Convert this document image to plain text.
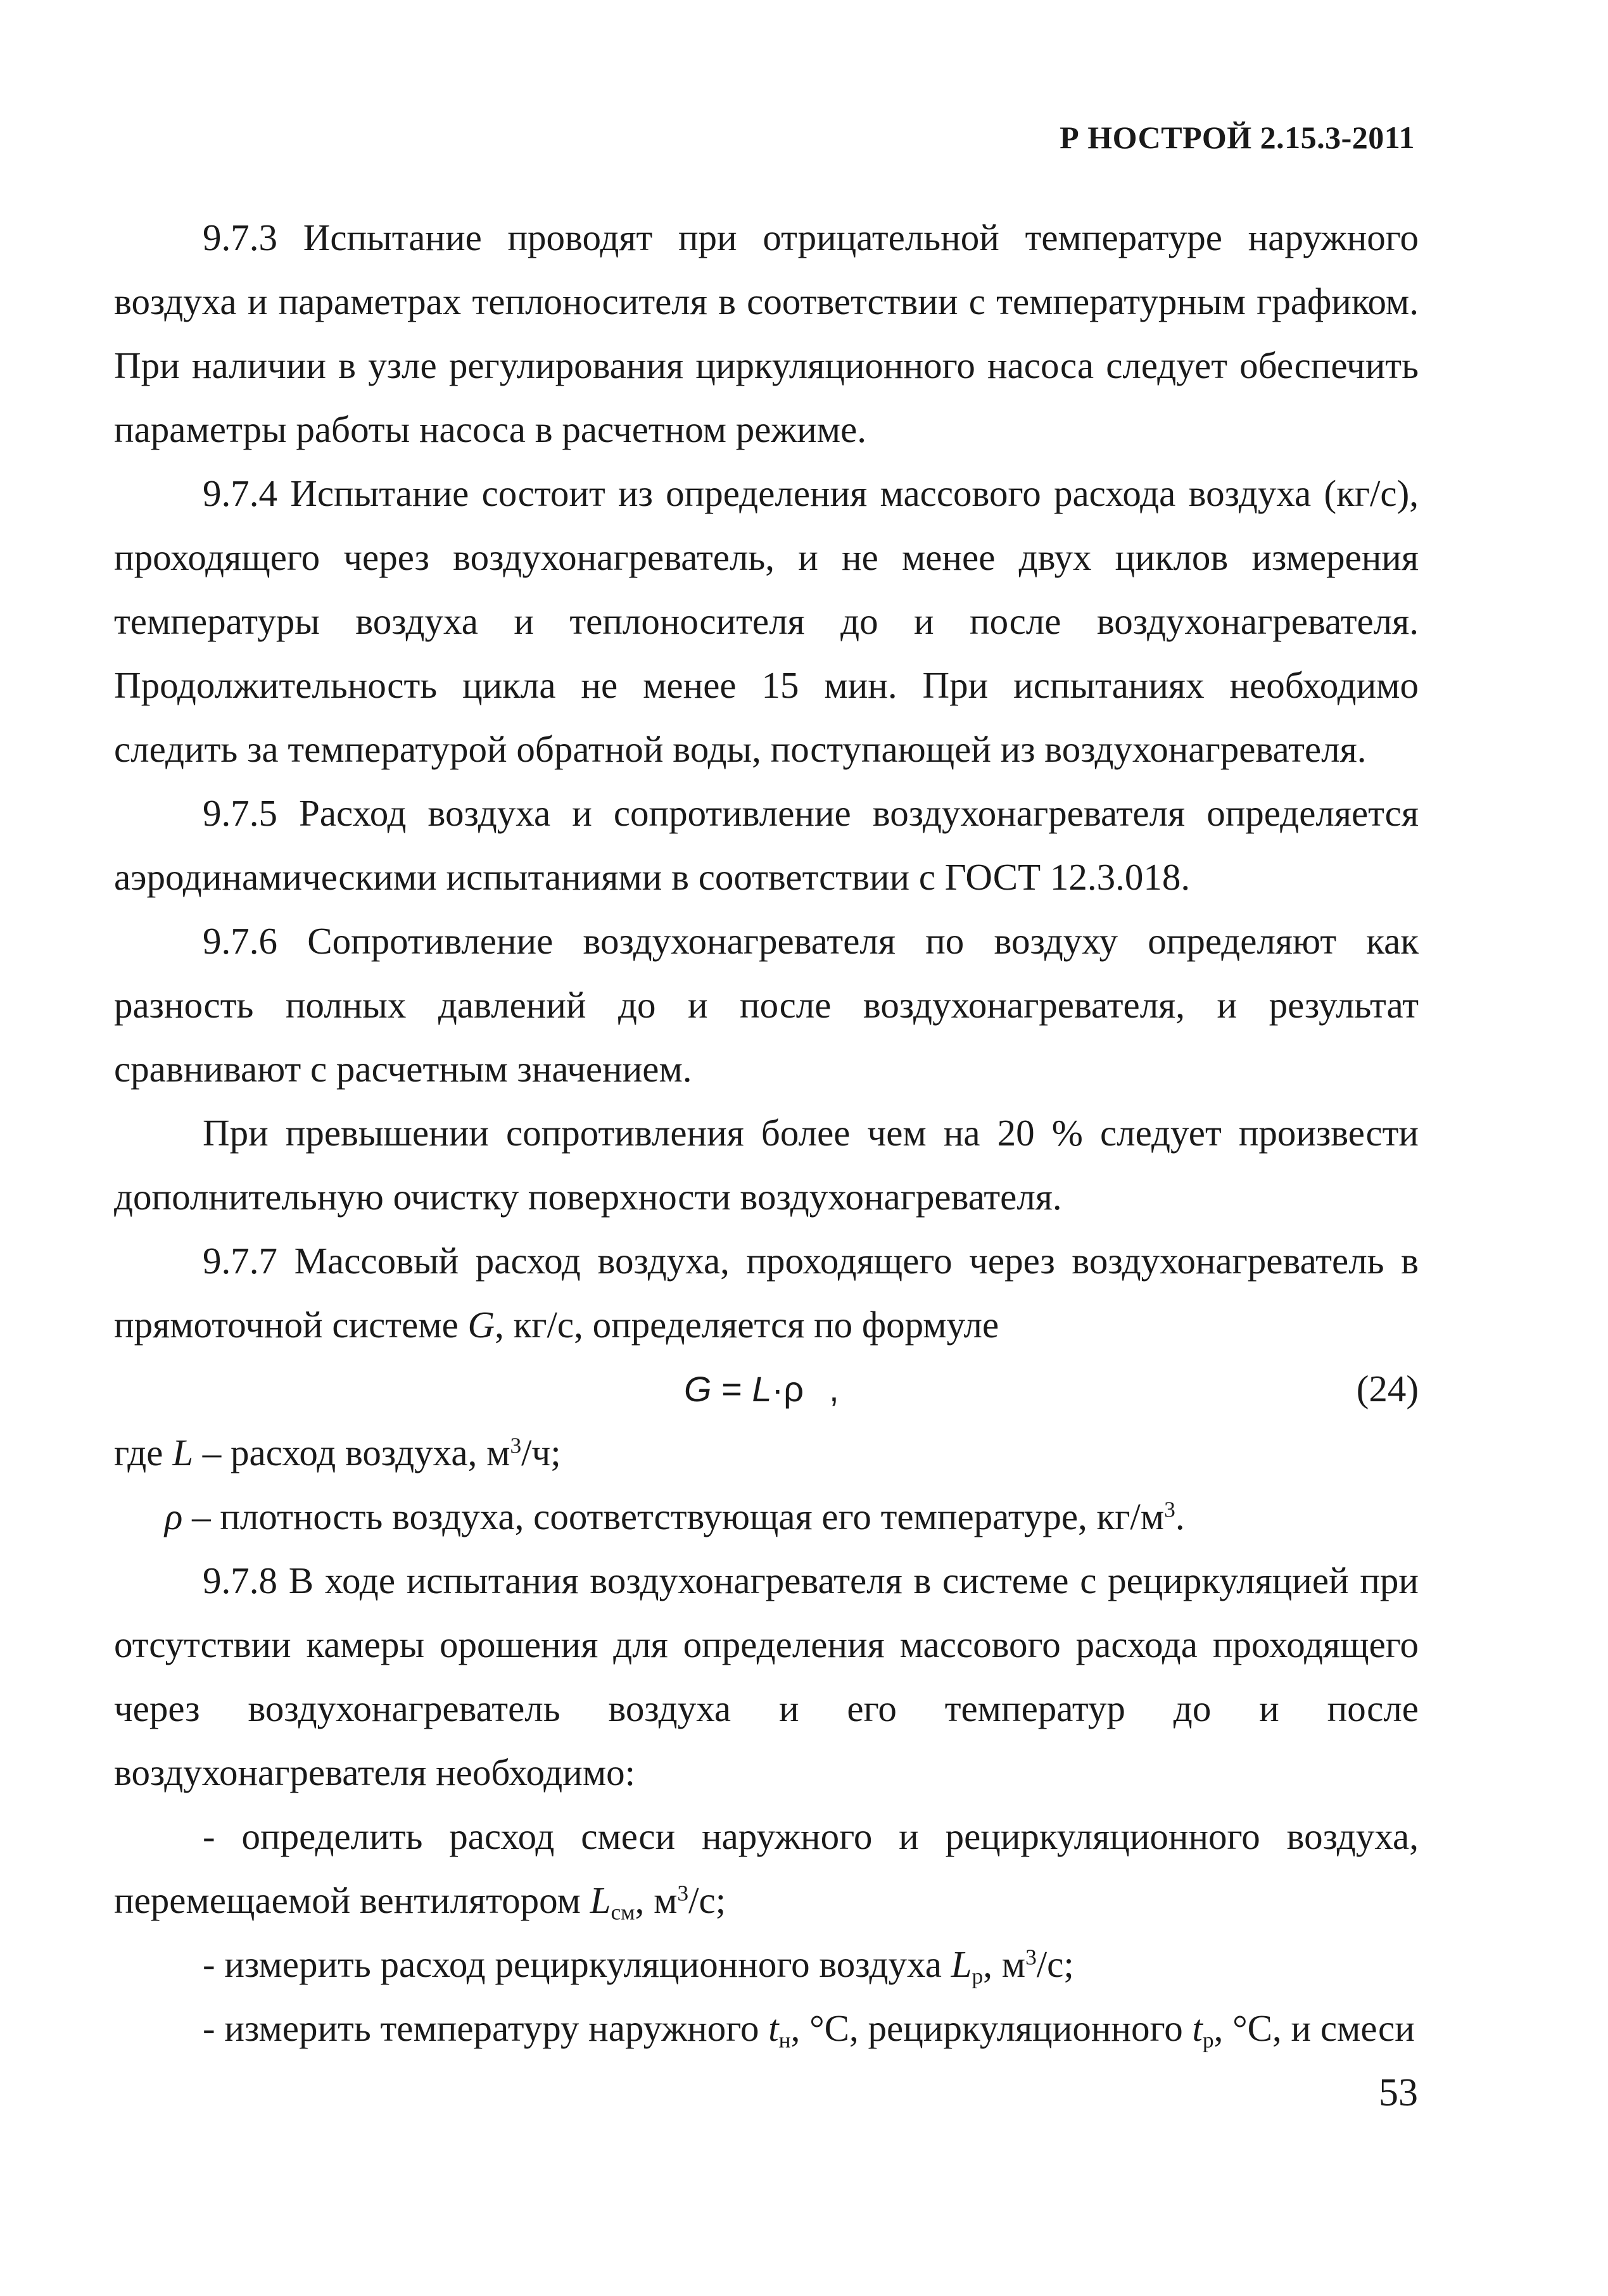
Р НОСТРОЙ 2.15.3-2011

9.7.3 Испытание проводят при отрицательной температуре наружного воздуха и параметрах теплоносителя в соответствии с температурным графиком. При наличии в узле регулирования циркуляционного насоса следует обеспечить параметры работы насоса в расчетном режиме.

9.7.4 Испытание состоит из определения массового расхода воздуха (кг/с), проходящего через воздухонагреватель, и не менее двух циклов измерения температуры воздуха и теплоносителя до и после воздухонагревателя. Продолжительность цикла не менее 15 мин. При испытаниях необходимо следить за температурой обратной воды, поступающей из воздухонагревателя.

9.7.5 Расход воздуха и сопротивление воздухонагревателя определяется аэродинамическими испытаниями в соответствии с ГОСТ 12.3.018.

9.7.6 Сопротивление воздухонагревателя по воздуху определяют как разность полных давлений до и после воздухонагревателя, и результат сравнивают с расчетным значением.

При превышении сопротивления более чем на 20 % следует произвести дополнительную очистку поверхности воздухонагревателя.

9.7.7 Массовый расход воздуха, проходящего через воздухонагреватель в прямоточной системе G, кг/с, определяется по формуле

G = L·ρ ,	(24)

где L – расход воздуха, $м^3/ч$;

ρ – плотность воздуха, соответствующая его температуре, $кг/м^3$.

9.7.8 В ходе испытания воздухонагревателя в системе с рециркуляцией при отсутствии камеры орошения для определения массового расхода проходящего через воздухонагреватель воздуха и его температур до и после воздухонагревателя необходимо:

- определить расход смеси наружного и рециркуляционного воздуха, перемещаемой вентилятором $L_{см}$, $м^3/с$;

- измерить расход рециркуляционного воздуха $L_р$, $м^3/с$;

- измерить температуру наружного $t_н$, °С, рециркуляционного $t_р$, °С, и смеси

53
